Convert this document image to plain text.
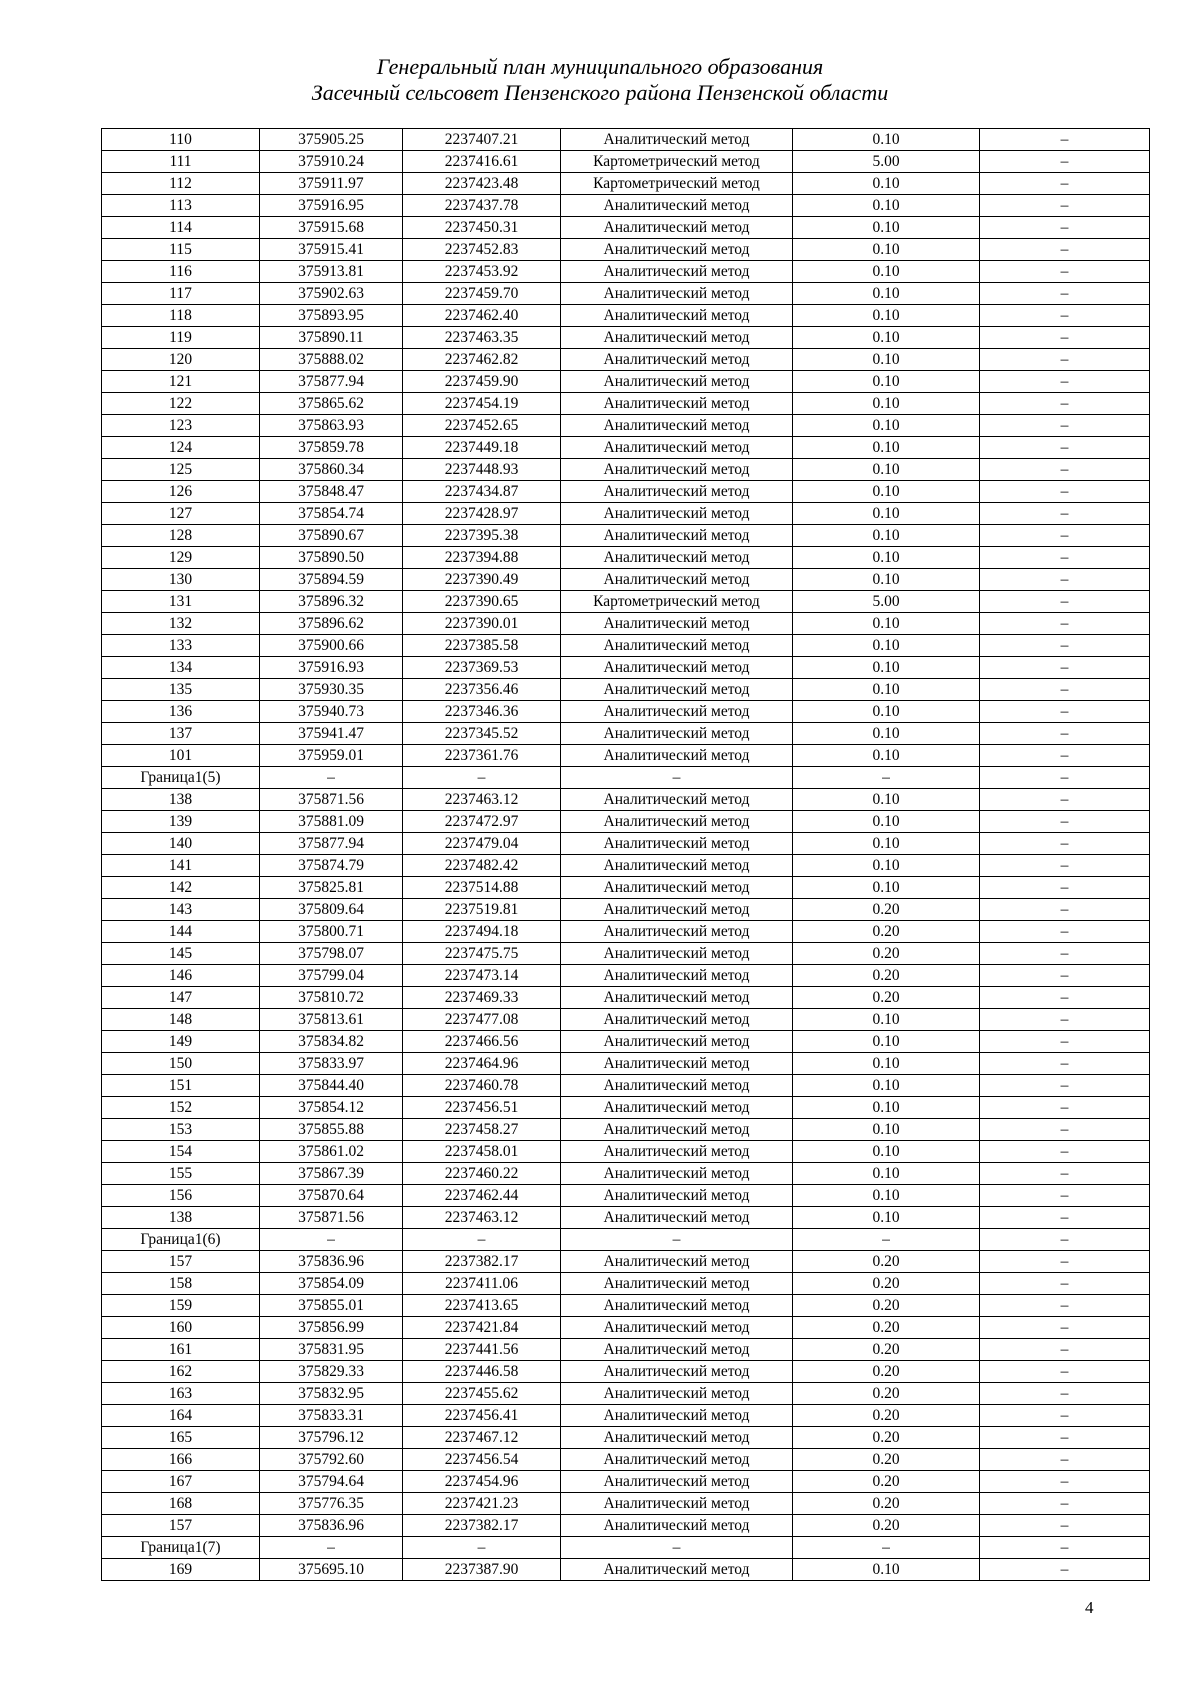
Генеральный план муниципального образования
Засечный сельсовет Пензенского района Пензенской области
110	375905.25	2237407.21	Аналитический метод	0.10	–
111	375910.24	2237416.61	Картометрический метод	5.00	–
112	375911.97	2237423.48	Картометрический метод	0.10	–
113	375916.95	2237437.78	Аналитический метод	0.10	–
114	375915.68	2237450.31	Аналитический метод	0.10	–
115	375915.41	2237452.83	Аналитический метод	0.10	–
116	375913.81	2237453.92	Аналитический метод	0.10	–
117	375902.63	2237459.70	Аналитический метод	0.10	–
118	375893.95	2237462.40	Аналитический метод	0.10	–
119	375890.11	2237463.35	Аналитический метод	0.10	–
120	375888.02	2237462.82	Аналитический метод	0.10	–
121	375877.94	2237459.90	Аналитический метод	0.10	–
122	375865.62	2237454.19	Аналитический метод	0.10	–
123	375863.93	2237452.65	Аналитический метод	0.10	–
124	375859.78	2237449.18	Аналитический метод	0.10	–
125	375860.34	2237448.93	Аналитический метод	0.10	–
126	375848.47	2237434.87	Аналитический метод	0.10	–
127	375854.74	2237428.97	Аналитический метод	0.10	–
128	375890.67	2237395.38	Аналитический метод	0.10	–
129	375890.50	2237394.88	Аналитический метод	0.10	–
130	375894.59	2237390.49	Аналитический метод	0.10	–
131	375896.32	2237390.65	Картометрический метод	5.00	–
132	375896.62	2237390.01	Аналитический метод	0.10	–
133	375900.66	2237385.58	Аналитический метод	0.10	–
134	375916.93	2237369.53	Аналитический метод	0.10	–
135	375930.35	2237356.46	Аналитический метод	0.10	–
136	375940.73	2237346.36	Аналитический метод	0.10	–
137	375941.47	2237345.52	Аналитический метод	0.10	–
101	375959.01	2237361.76	Аналитический метод	0.10	–
Граница1(5)	–	–	–	–	–
138	375871.56	2237463.12	Аналитический метод	0.10	–
139	375881.09	2237472.97	Аналитический метод	0.10	–
140	375877.94	2237479.04	Аналитический метод	0.10	–
141	375874.79	2237482.42	Аналитический метод	0.10	–
142	375825.81	2237514.88	Аналитический метод	0.10	–
143	375809.64	2237519.81	Аналитический метод	0.20	–
144	375800.71	2237494.18	Аналитический метод	0.20	–
145	375798.07	2237475.75	Аналитический метод	0.20	–
146	375799.04	2237473.14	Аналитический метод	0.20	–
147	375810.72	2237469.33	Аналитический метод	0.20	–
148	375813.61	2237477.08	Аналитический метод	0.10	–
149	375834.82	2237466.56	Аналитический метод	0.10	–
150	375833.97	2237464.96	Аналитический метод	0.10	–
151	375844.40	2237460.78	Аналитический метод	0.10	–
152	375854.12	2237456.51	Аналитический метод	0.10	–
153	375855.88	2237458.27	Аналитический метод	0.10	–
154	375861.02	2237458.01	Аналитический метод	0.10	–
155	375867.39	2237460.22	Аналитический метод	0.10	–
156	375870.64	2237462.44	Аналитический метод	0.10	–
138	375871.56	2237463.12	Аналитический метод	0.10	–
Граница1(6)	–	–	–	–	–
157	375836.96	2237382.17	Аналитический метод	0.20	–
158	375854.09	2237411.06	Аналитический метод	0.20	–
159	375855.01	2237413.65	Аналитический метод	0.20	–
160	375856.99	2237421.84	Аналитический метод	0.20	–
161	375831.95	2237441.56	Аналитический метод	0.20	–
162	375829.33	2237446.58	Аналитический метод	0.20	–
163	375832.95	2237455.62	Аналитический метод	0.20	–
164	375833.31	2237456.41	Аналитический метод	0.20	–
165	375796.12	2237467.12	Аналитический метод	0.20	–
166	375792.60	2237456.54	Аналитический метод	0.20	–
167	375794.64	2237454.96	Аналитический метод	0.20	–
168	375776.35	2237421.23	Аналитический метод	0.20	–
157	375836.96	2237382.17	Аналитический метод	0.20	–
Граница1(7)	–	–	–	–	–
169	375695.10	2237387.90	Аналитический метод	0.10	–
4
